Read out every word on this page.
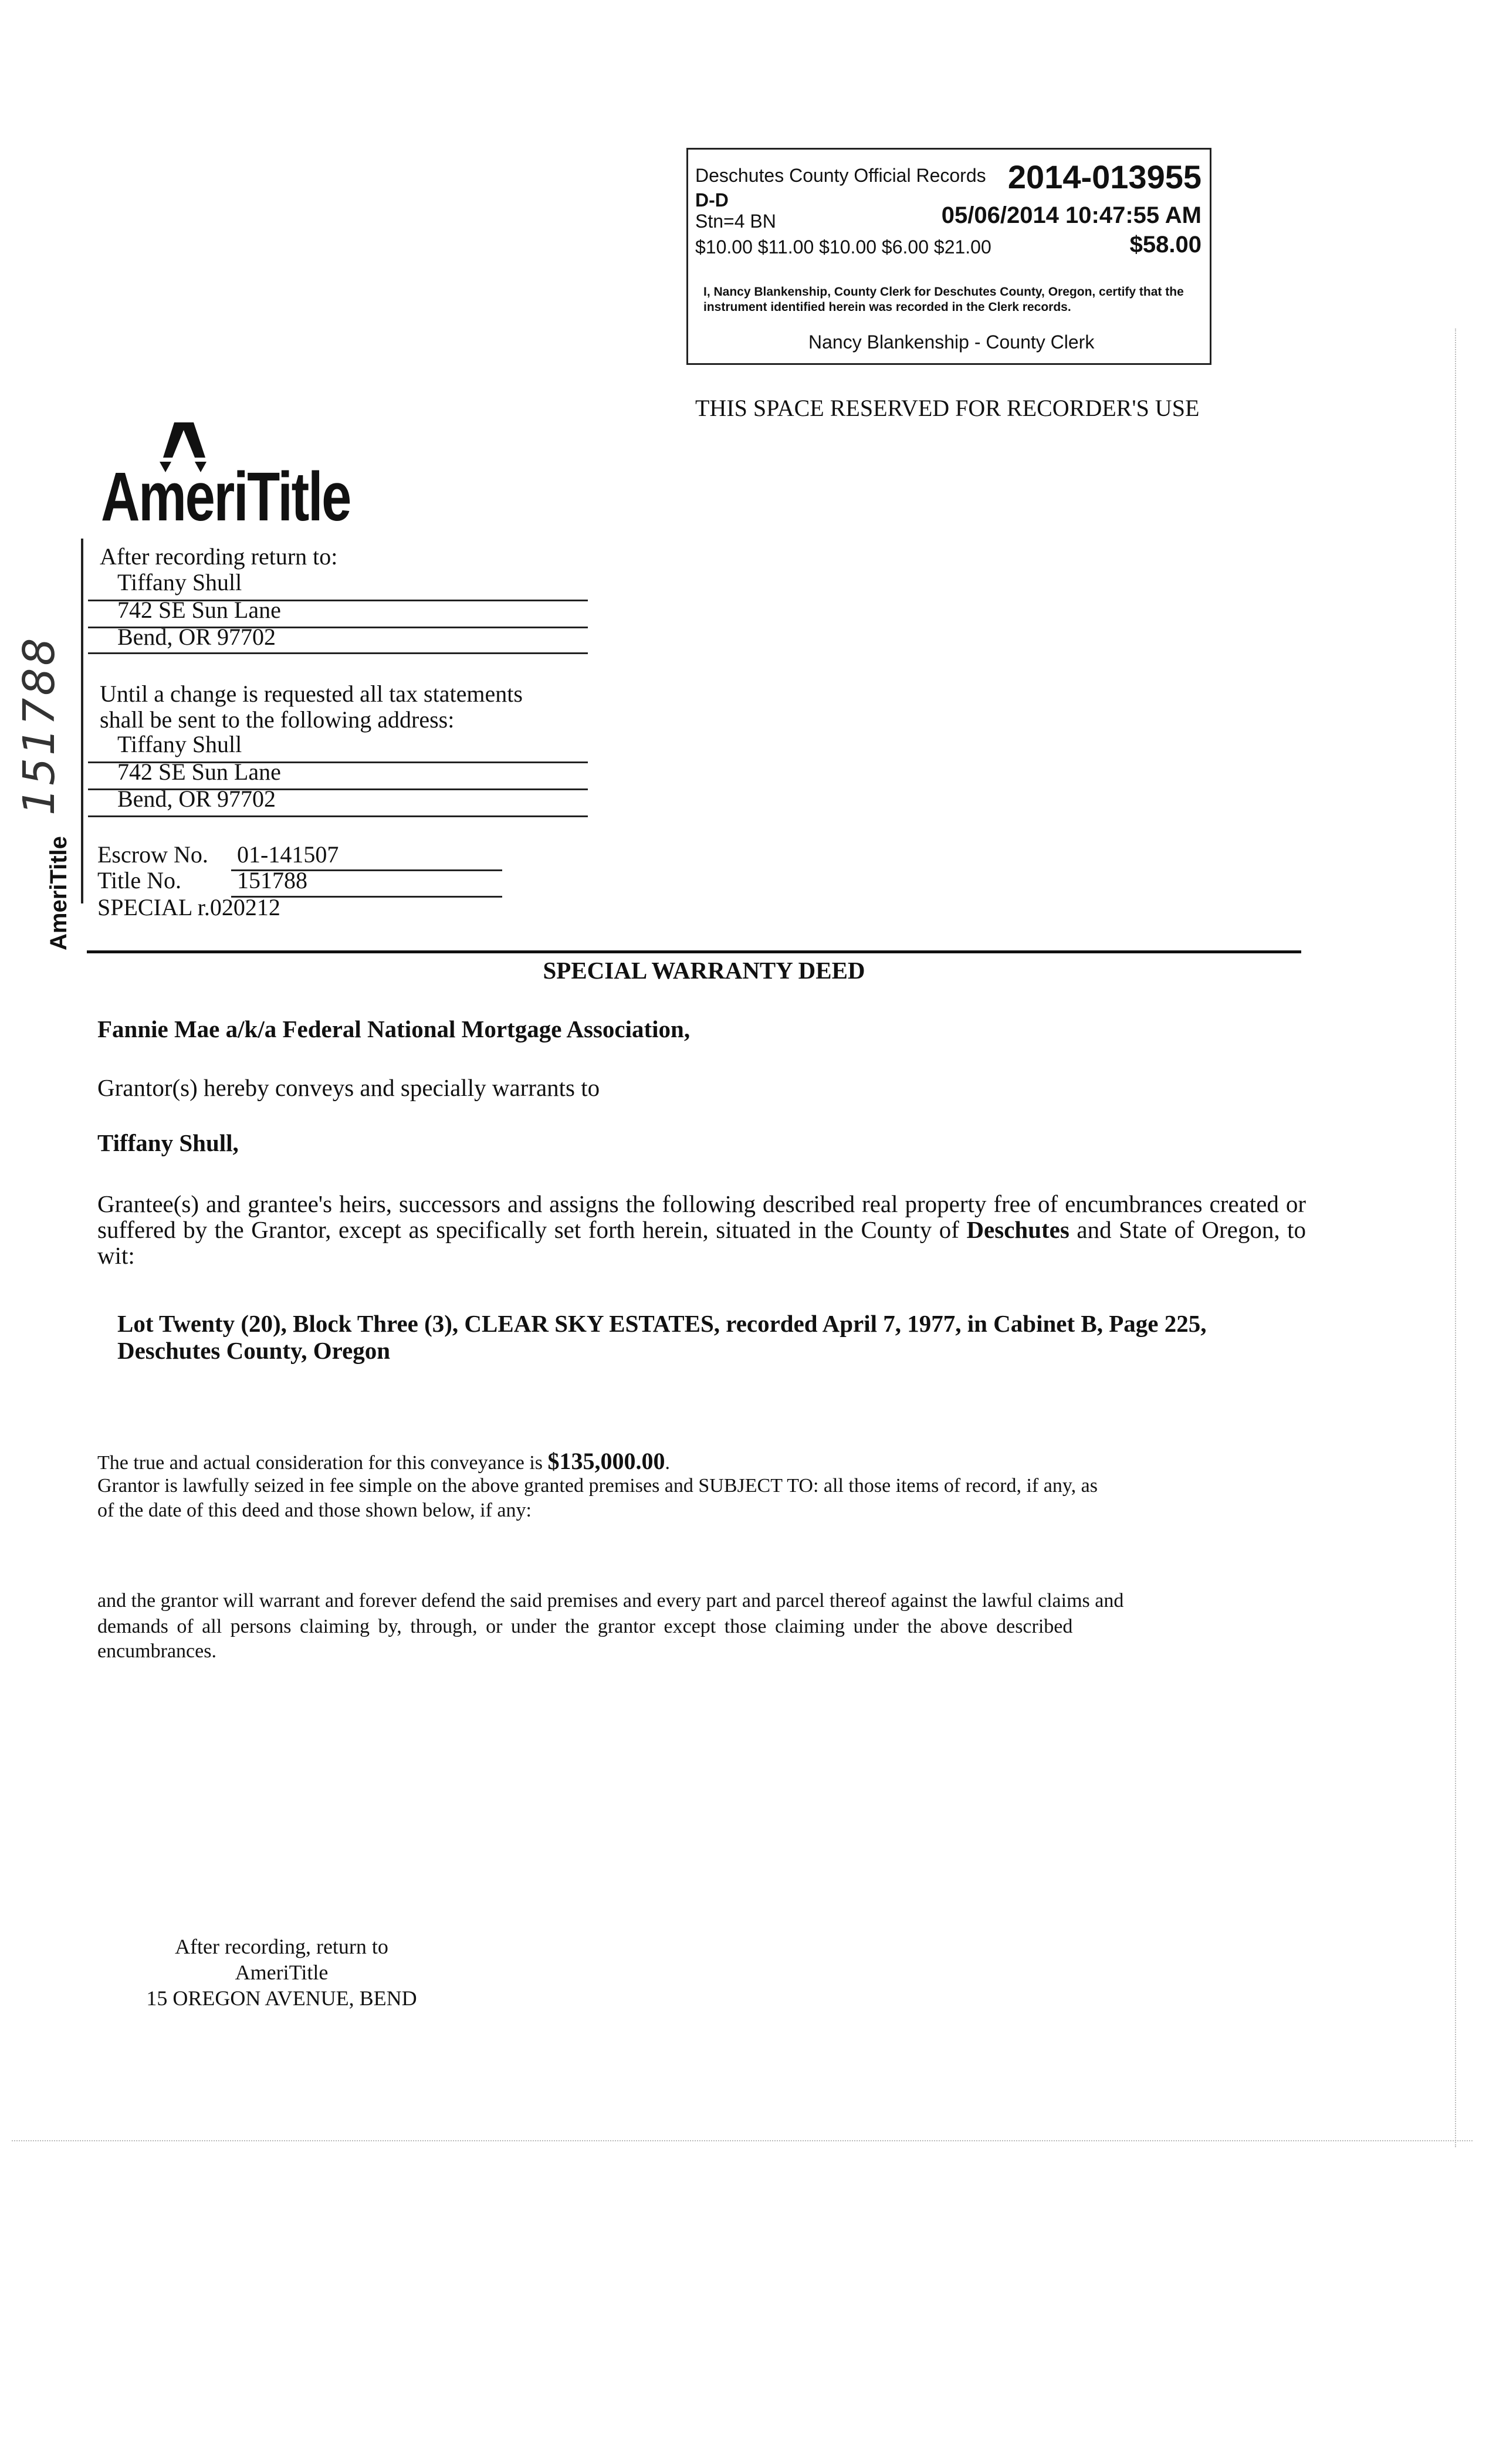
Deschutes County Official Records 2014-013955
D-D
Stn=4 BN	05/06/2014 10:47:55 AM
$10.00 $11.00 $10.00 $6.00 $21.00	$58.00
I, Nancy Blankenship, County Clerk for Deschutes County, Oregon, certify that the instrument identified herein was recorded in the Clerk records.
Nancy Blankenship - County Clerk
THIS SPACE RESERVED FOR RECORDER'S USE
AmeriTitle
After recording return to:
Tiffany Shull
742 SE Sun Lane
Bend, OR 97702
Until a change is requested all tax statements
shall be sent to the following address:
Tiffany Shull
742 SE Sun Lane
Bend, OR 97702
151788
Escrow No. 01-141507
Title No. 151788
SPECIAL r.020212
AmeriTitle
SPECIAL WARRANTY DEED
Fannie Mae a/k/a Federal National Mortgage Association,
Grantor(s) hereby conveys and specially warrants to
Tiffany Shull,
Grantee(s) and grantee's heirs, successors and assigns the following described real property free of encumbrances created or suffered by the Grantor, except as specifically set forth herein, situated in the County of Deschutes and State of Oregon, to wit:
Lot Twenty (20), Block Three (3), CLEAR SKY ESTATES, recorded April 7, 1977, in Cabinet B, Page 225,
Deschutes County, Oregon
The true and actual consideration for this conveyance is $135,000.00.
Grantor is lawfully seized in fee simple on the above granted premises and SUBJECT TO: all those items of record, if any, as
of the date of this deed and those shown below, if any:
and the grantor will warrant and forever defend the said premises and every part and parcel thereof against the lawful claims and
demands of all persons claiming by, through, or under the grantor except those claiming under the above described
encumbrances.
After recording, return to
AmeriTitle
15 OREGON AVENUE, BEND
